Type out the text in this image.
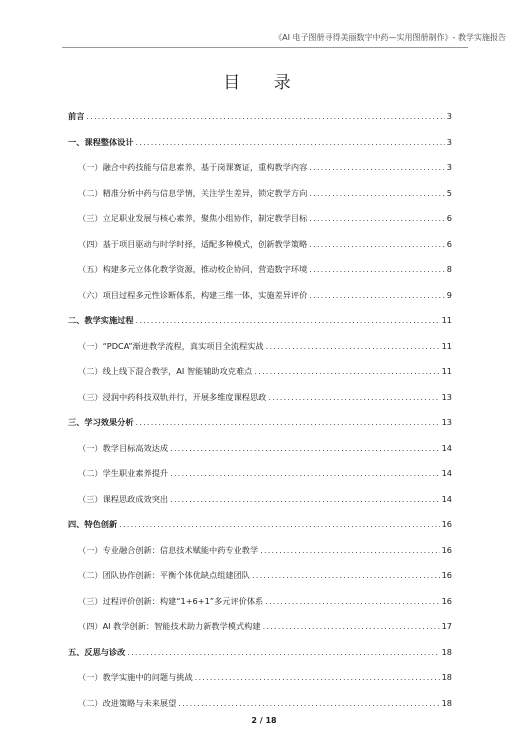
《AI 电子图册寻得美丽数字中药—实用图册制作》- 教学实施报告
目 录
前言 .....	3
一、课程整体设计 .....	3
（一）融合中药技能与信息素养，基于岗课赛证，重构教学内容 .....	3
（二）精准分析中药与信息学情，关注学生差异，锁定教学方向 .....	5
（三）立足职业发展与核心素养，聚焦小组协作，制定教学目标 .....	6
（四）基于项目驱动与时学时择，适配多种模式，创新教学策略 .....	6
（五）构建多元立体化教学资源，推动校企协同，营造数字环境 .....	8
（六）项目过程多元性诊断体系，构建三维一体，实施差异评价 .....	9
二、教学实施过程 .....	11
（一）“PDCA”渐进教学流程，真实项目全流程实战 .....	11
（二）线上线下混合教学，AI 智能辅助攻克难点 .....	11
（三）浸润中药科技双轨并行，开展多维度课程思政 .....	13
三、学习效果分析 .....	13
（一）教学目标高效达成 .....	14
（二）学生职业素养提升 .....	14
（三）课程思政成效突出 .....	14
四、特色创新 .....	16
（一）专业融合创新：信息技术赋能中药专业教学 .....	16
（二）团队协作创新：平衡个体优缺点组建团队 .....	16
（三）过程评价创新：构建“1+6+1”多元评价体系 .....	16
（四）AI 教学创新：智能技术助力新教学模式构建 .....	17
五、反思与诊改 .....	18
（一）教学实施中的问题与挑战 .....	18
（二）改进策略与未来展望 .....	18
2 / 18
